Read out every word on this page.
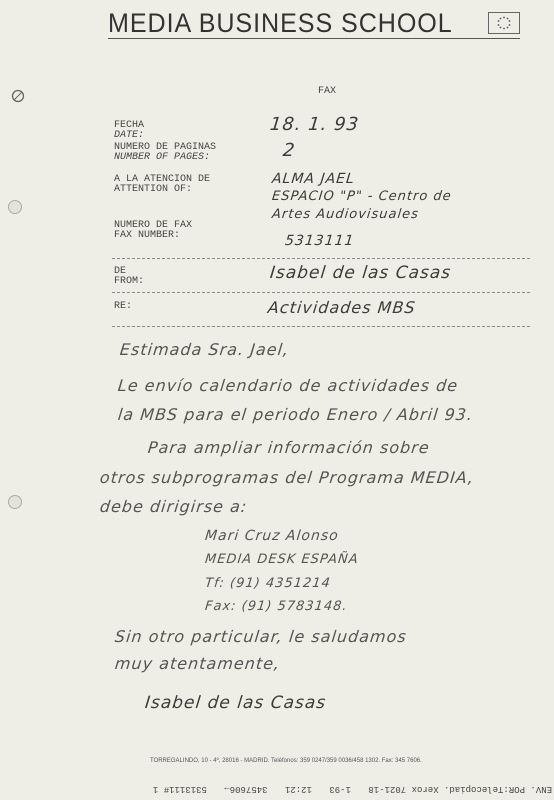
MEDIA BUSINESS SCHOOL
FAX
FECHA
DATE:
18. 1. 93
NUMERO DE PAGINAS
NUMBER OF PAGES:	2
A LA ATENCION DE
ATTENTION OF:
ALMA JAEL
ESPACIO "P" - Centro de
Artes Audiovisuales
NUMERO DE FAX
FAX NUMBER:	5313111
DE
FROM:	Isabel de las Casas
RE:	Actividades MBS
Estimada Sra. Jael,
Le envío calendario de actividades de
la MBS para el periodo Enero / Abril 93.
Para ampliar información sobre
otros subprogramas del Programa MEDIA,
debe dirigirse a:
Mari Cruz Alonso
MEDIA DESK ESPAÑA
Tf: (91) 4351214
Fax: (91) 5783148.
Sin otro particular, le saludamos
muy atentamente,
Isabel de las Casas
TORREGALINDO, 10 - 4º, 28016 - MADRID. Teléfonos: 359 0247/359 0036/458 1302. Fax: 345 7606.
ENV. POR:Telecopiad. Xerox 7021-18 1-93 12:21 3457606→ 5313111# 1
